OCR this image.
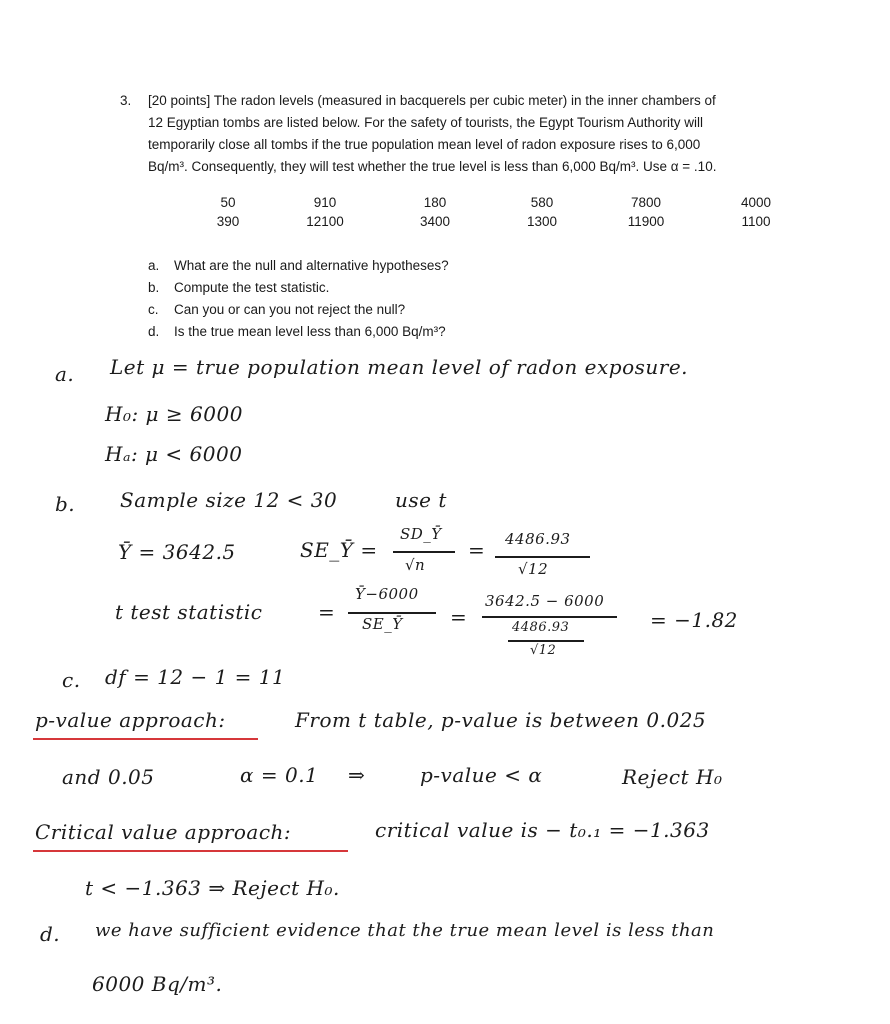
3. [20 points] The radon levels (measured in bacquerels per cubic meter) in the inner chambers of
12 Egyptian tombs are listed below. For the safety of tourists, the Egypt Tourism Authority will
temporarily close all tombs if the true population mean level of radon exposure rises to 6,000
Bq/m³. Consequently, they will test whether the true level is less than 6,000 Bq/m³. Use α = .10.
50	910	180	580	7800	4000
390	12100	3400	1300	11900	1100
a. What are the null and alternative hypotheses?
b. Compute the test statistic.
c. Can you or can you not reject the null?
d. Is the true mean level less than 6,000 Bq/m³?
a. Let μ = true population mean level of radon exposure.
H₀: μ ≥ 6000
Hₐ: μ < 6000
b. Sample size 12 < 30	use t
Ȳ = 3642.5	SE_Ȳ =
SD_Ȳ
√n
= 4486.93
√12
t test statistic	=
Ȳ−6000
SE_Ȳ =
3642.5 − 6000
4486.93
√12
= −1.82
c. df = 12 − 1 = 11
p-value approach:	From t table, p-value is between 0.025
and 0.05	α = 0.1 ⇒	p-value < α	Reject H₀
Critical value approach:	critical value is − t₀.₁ = −1.363
t < −1.363 ⇒ Reject H₀.
d. we have sufficient evidence that the true mean level is less than
6000 Bq/m³.
